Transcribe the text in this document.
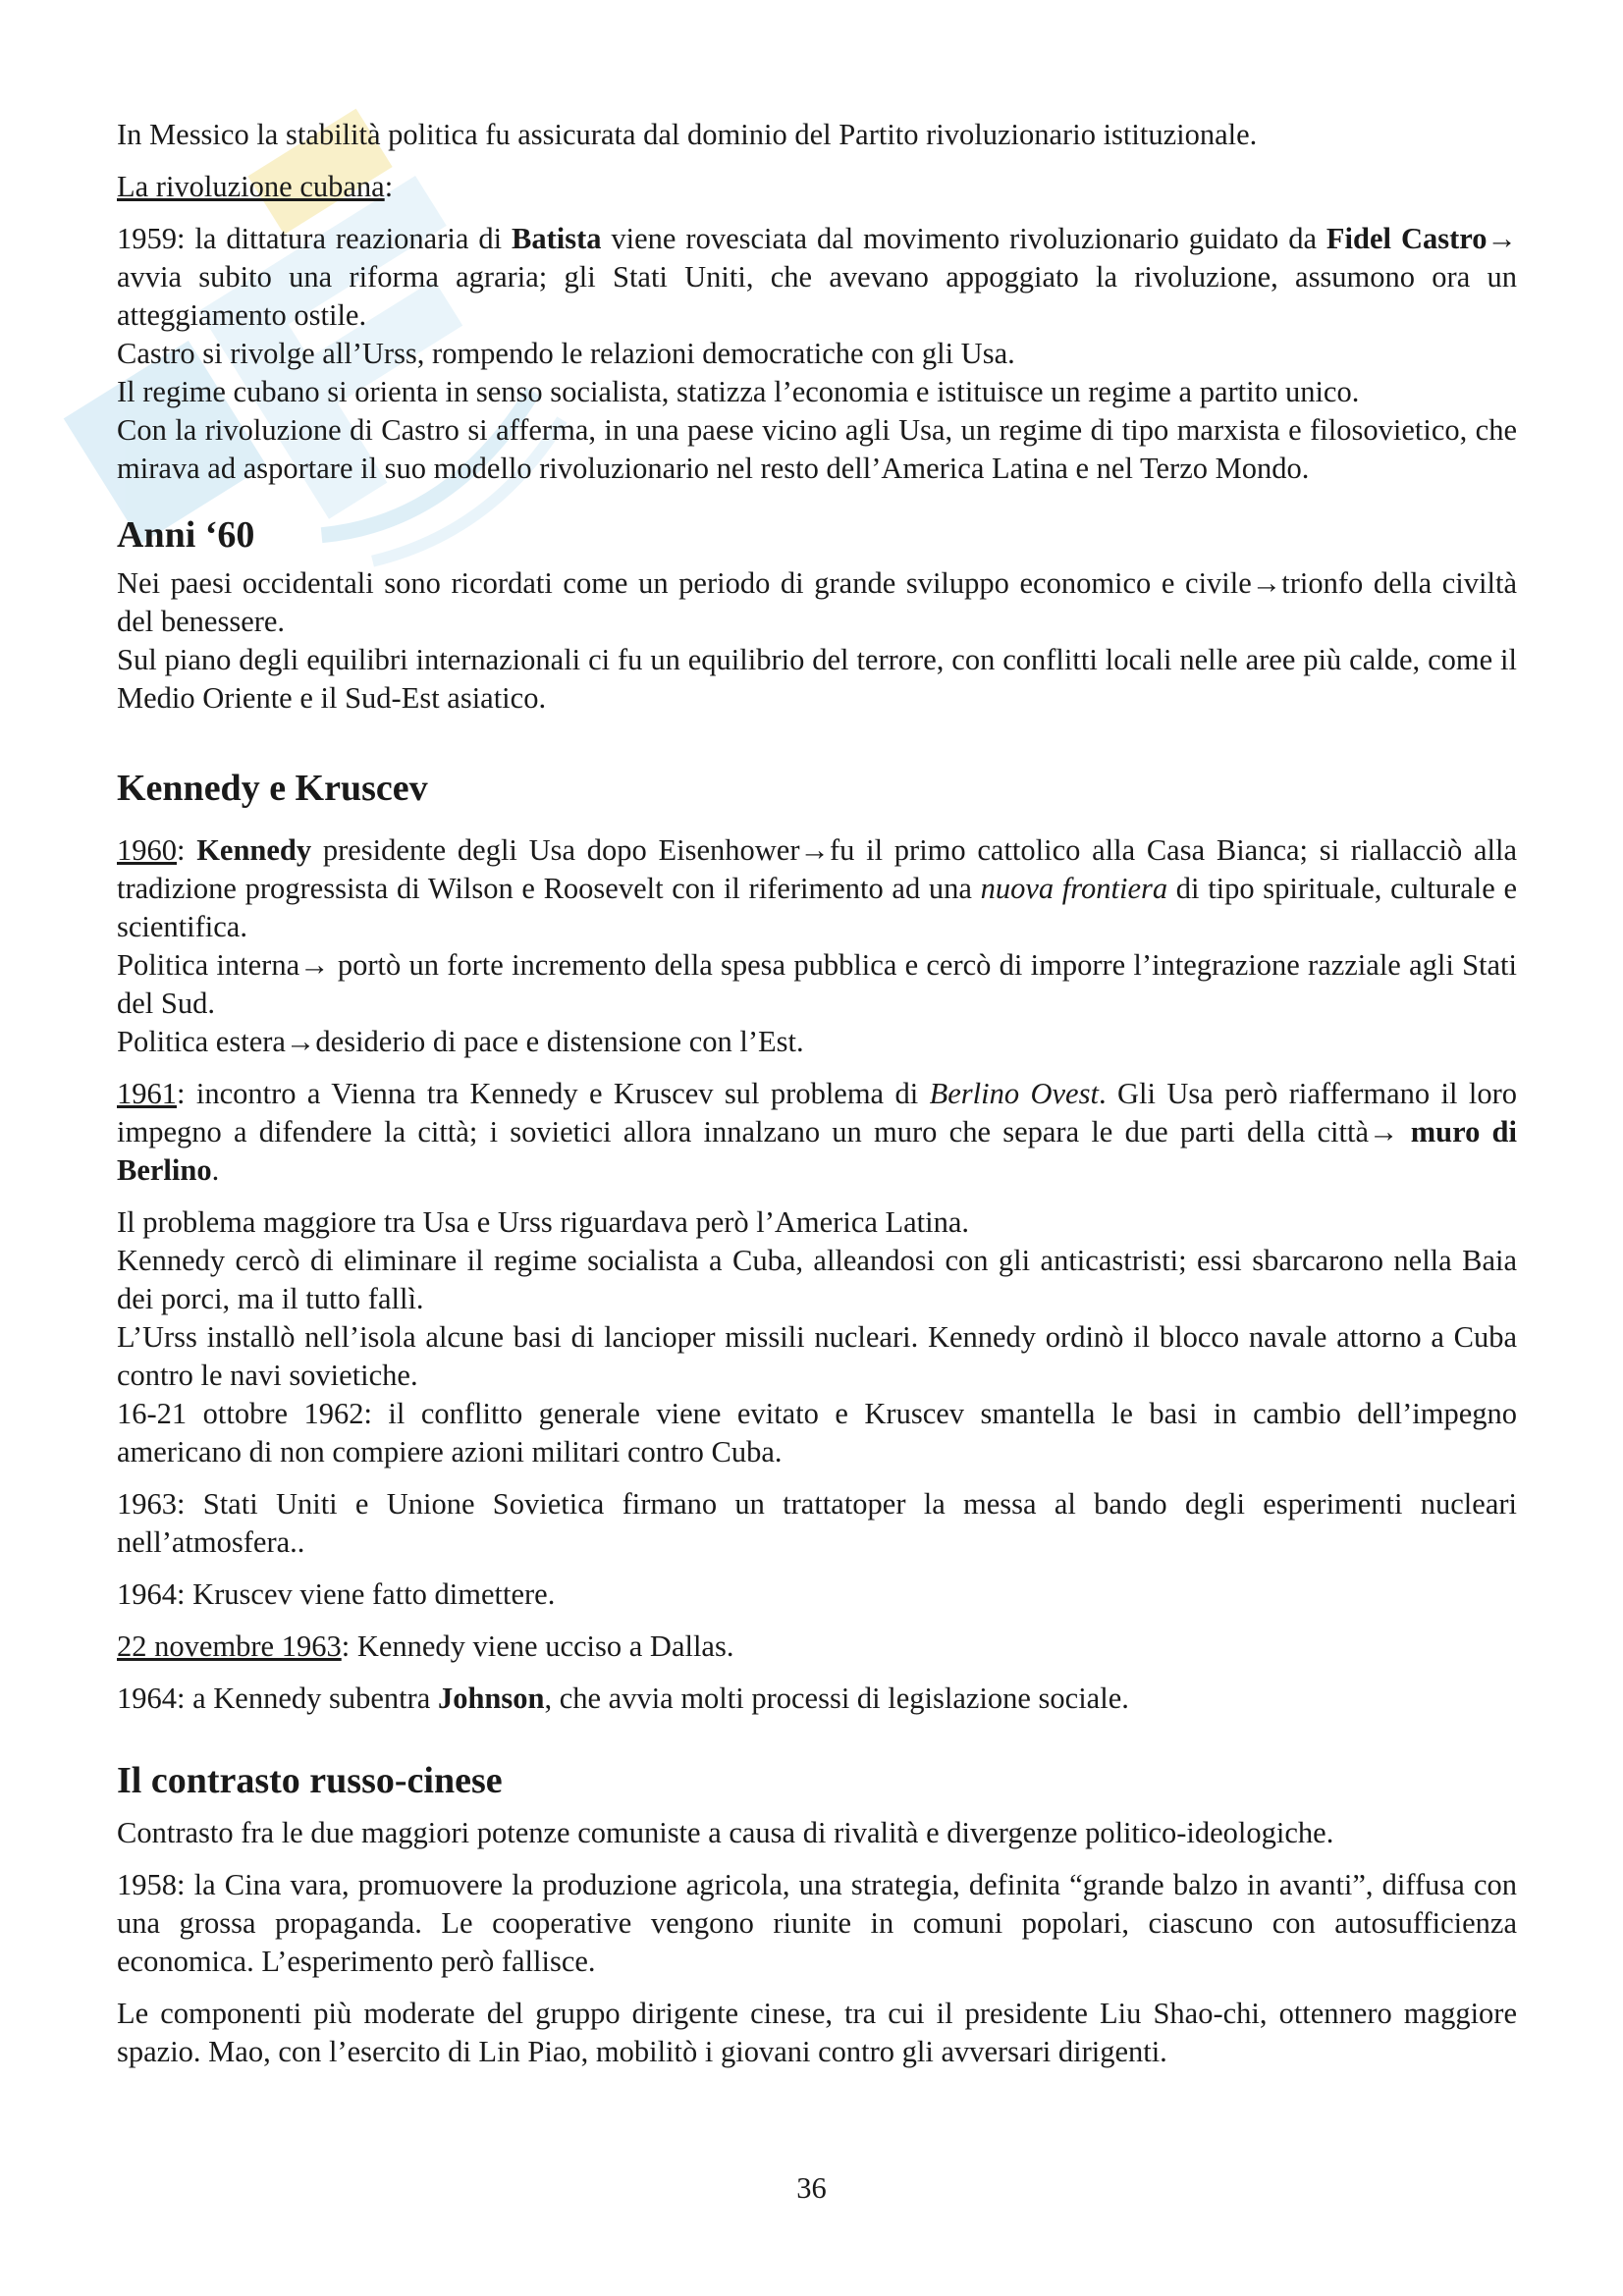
In Messico la stabilità politica fu assicurata dal dominio del Partito rivoluzionario istituzionale.

La rivoluzione cubana:

1959: la dittatura reazionaria di Batista viene rovesciata dal movimento rivoluzionario guidato da Fidel Castro→ avvia subito una riforma agraria; gli Stati Uniti, che avevano appoggiato la rivoluzione, assumono ora un atteggiamento ostile.

Castro si rivolge all’Urss, rompendo le relazioni democratiche con gli Usa.

Il regime cubano si orienta in senso socialista, statizza l’economia e istituisce un regime a partito unico.

Con la rivoluzione di Castro si afferma, in una paese vicino agli Usa, un regime di tipo marxista e filosovietico, che mirava ad asportare il suo modello rivoluzionario nel resto dell’America Latina e nel Terzo Mondo.

Anni ‘60

Nei paesi occidentali sono ricordati come un periodo di grande sviluppo economico e civile→trionfo della civiltà del benessere.

Sul piano degli equilibri internazionali ci fu un equilibrio del terrore, con conflitti locali nelle aree più calde, come il Medio Oriente e il Sud-Est asiatico.

Kennedy e Kruscev

1960: Kennedy presidente degli Usa dopo Eisenhower→fu il primo cattolico alla Casa Bianca; si riallacciò alla tradizione progressista di Wilson e Roosevelt con il riferimento ad una nuova frontiera di tipo spirituale, culturale e scientifica.

Politica interna→ portò un forte incremento della spesa pubblica e cercò di imporre l’integrazione razziale agli Stati del Sud.

Politica estera→desiderio di pace e distensione con l’Est.

1961: incontro a Vienna tra Kennedy e Kruscev sul problema di Berlino Ovest. Gli Usa però riaffermano il loro impegno a difendere la città; i sovietici allora innalzano un muro che separa le due parti della città→ muro di Berlino.

Il problema maggiore tra Usa e Urss riguardava però l’America Latina.

Kennedy cercò di eliminare il regime socialista a Cuba, alleandosi con gli anticastristi; essi sbarcarono nella Baia dei porci, ma il tutto fallì.

L’Urss installò nell’isola alcune basi di lancioper missili nucleari. Kennedy ordinò il blocco navale attorno a Cuba contro le navi sovietiche.

16-21 ottobre 1962: il conflitto generale viene evitato e Kruscev smantella le basi in cambio dell’impegno americano di non compiere azioni militari contro Cuba.

1963: Stati Uniti e Unione Sovietica firmano un trattatoper la messa al bando degli esperimenti nucleari nell’atmosfera..

1964: Kruscev viene fatto dimettere.

22 novembre 1963: Kennedy viene ucciso a Dallas.

1964: a Kennedy subentra Johnson, che avvia molti processi di legislazione sociale.

Il contrasto russo-cinese

Contrasto fra le due maggiori potenze comuniste a causa di rivalità e divergenze politico-ideologiche.

1958: la Cina vara, promuovere la produzione agricola, una strategia, definita “grande balzo in avanti”, diffusa con una grossa propaganda. Le cooperative vengono riunite in comuni popolari, ciascuno con autosufficienza economica. L’esperimento però fallisce.

Le componenti più moderate del gruppo dirigente cinese, tra cui il presidente Liu Shao-chi, ottennero maggiore spazio. Mao, con l’esercito di Lin Piao, mobilitò i giovani contro gli avversari dirigenti.

36
